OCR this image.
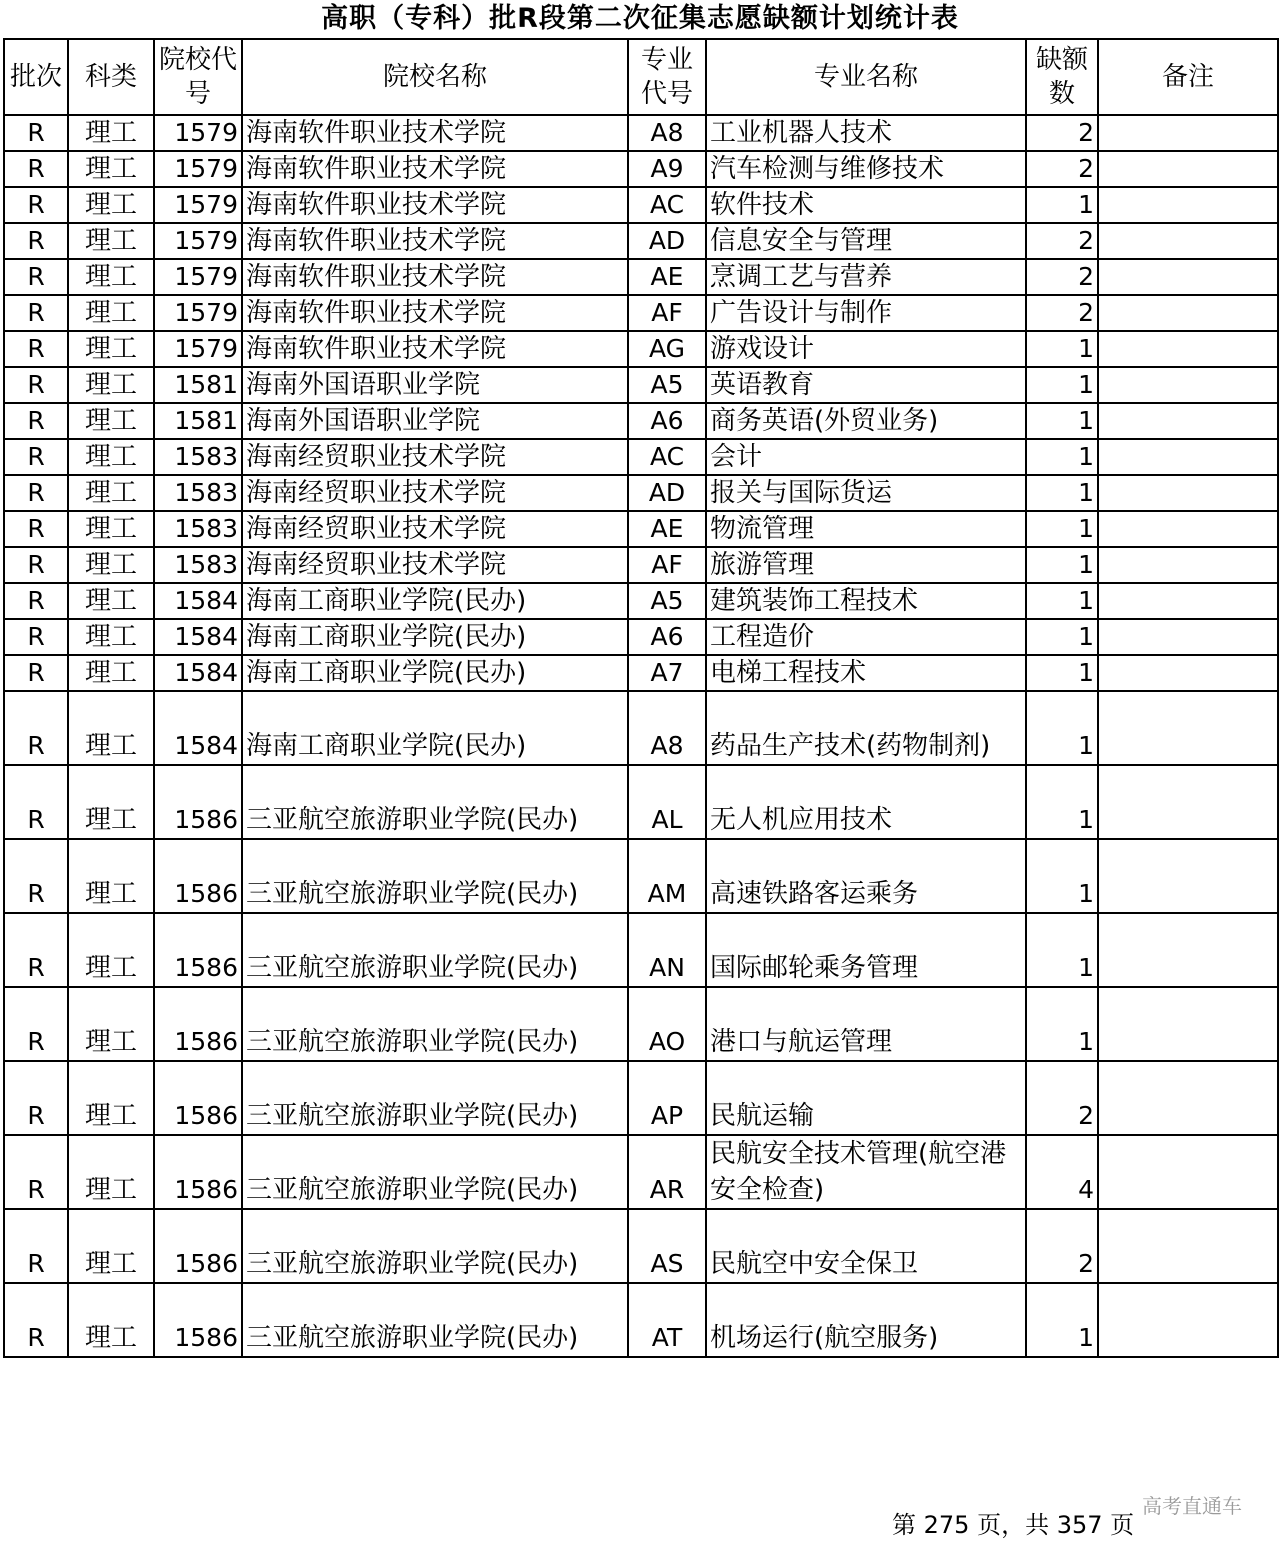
高职（专科）批R段第二次征集志愿缺额计划统计表
批次	科类	院校代号	院校名称	专业代号	专业名称	缺额数	备注
R	理工	1579	海南软件职业技术学院	A8	工业机器人技术	2	
R	理工	1579	海南软件职业技术学院	A9	汽车检测与维修技术	2	
R	理工	1579	海南软件职业技术学院	AC	软件技术	1	
R	理工	1579	海南软件职业技术学院	AD	信息安全与管理	2	
R	理工	1579	海南软件职业技术学院	AE	烹调工艺与营养	2	
R	理工	1579	海南软件职业技术学院	AF	广告设计与制作	2	
R	理工	1579	海南软件职业技术学院	AG	游戏设计	1	
R	理工	1581	海南外国语职业学院	A5	英语教育	1	
R	理工	1581	海南外国语职业学院	A6	商务英语(外贸业务)	1	
R	理工	1583	海南经贸职业技术学院	AC	会计	1	
R	理工	1583	海南经贸职业技术学院	AD	报关与国际货运	1	
R	理工	1583	海南经贸职业技术学院	AE	物流管理	1	
R	理工	1583	海南经贸职业技术学院	AF	旅游管理	1	
R	理工	1584	海南工商职业学院(民办)	A5	建筑装饰工程技术	1	
R	理工	1584	海南工商职业学院(民办)	A6	工程造价	1	
R	理工	1584	海南工商职业学院(民办)	A7	电梯工程技术	1	
R	理工	1584	海南工商职业学院(民办)	A8	药品生产技术(药物制剂)	1	
R	理工	1586	三亚航空旅游职业学院(民办)	AL	无人机应用技术	1	
R	理工	1586	三亚航空旅游职业学院(民办)	AM	高速铁路客运乘务	1	
R	理工	1586	三亚航空旅游职业学院(民办)	AN	国际邮轮乘务管理	1	
R	理工	1586	三亚航空旅游职业学院(民办)	AO	港口与航运管理	1	
R	理工	1586	三亚航空旅游职业学院(民办)	AP	民航运输	2	
R	理工	1586	三亚航空旅游职业学院(民办)	AR	民航安全技术管理(航空港安全检查)	4	
R	理工	1586	三亚航空旅游职业学院(民办)	AS	民航空中安全保卫	2	
R	理工	1586	三亚航空旅游职业学院(民办)	AT	机场运行(航空服务)	1	
第 275 页，共 357 页
高考直通车
